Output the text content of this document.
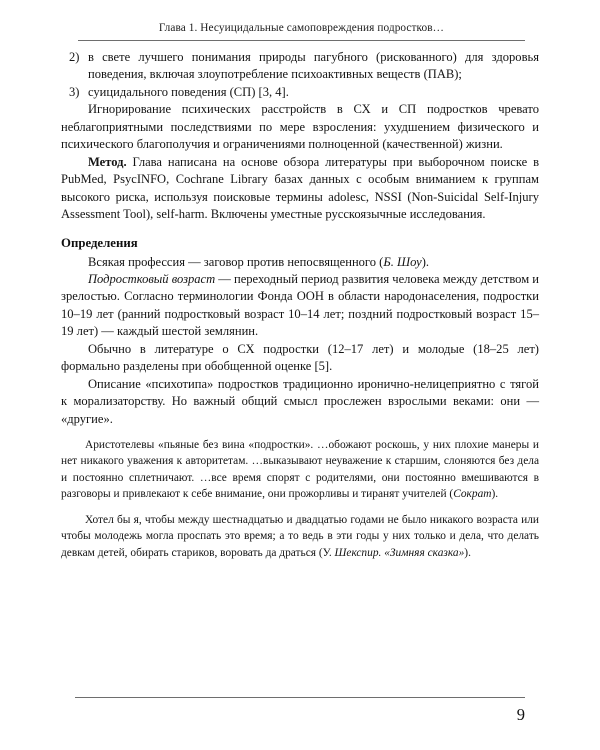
Глава 1. Несуицидальные самоповреждения подростков…

2) в свете лучшего понимания природы пагубного (рискованного) для здоровья поведения, включая злоупотребление психоактивных веществ (ПАВ);

3) суицидального поведения (СП) [3, 4].

Игнорирование психических расстройств в СХ и СП подростков чревато неблагоприятными последствиями по мере взросления: ухудшением физического и психического благополучия и ограничениями полноценной (качественной) жизни.

Метод. Глава написана на основе обзора литературы при выборочном поиске в PubMed, PsycINFO, Cochrane Library базах данных с особым вниманием к группам высокого риска, используя поисковые термины adolesc, NSSI (Non-Suicidal Self-Injury Assessment Tool), self-harm. Включены уместные русскоязычные исследования.

Определения

Всякая профессия — заговор против непосвященного (Б. Шоу).

Подростковый возраст — переходный период развития человека между детством и зрелостью. Согласно терминологии Фонда ООН в области народонаселения, подростки 10–19 лет (ранний подростковый возраст 10–14 лет; поздний подростковый возраст 15–19 лет) — каждый шестой землянин.

Обычно в литературе о СХ подростки (12–17 лет) и молодые (18–25 лет) формально разделены при обобщенной оценке [5].

Описание «психотипа» подростков традиционно иронично-нелицеприятно с тягой к морализаторству. Но важный общий смысл прослежен взрослыми веками: они — «другие».

Аристотелевы «пьяные без вина «подростки». …обожают роскошь, у них плохие манеры и нет никакого уважения к авторитетам. …выказывают неуважение к старшим, слоняются без дела и постоянно сплетничают. …все время спорят с родителями, они постоянно вмешиваются в разговоры и привлекают к себе внимание, они прожорливы и тиранят учителей (Сократ).

Хотел бы я, чтобы между шестнадцатью и двадцатью годами не было никакого возраста или чтобы молодежь могла проспать это время; а то ведь в эти годы у них только и дела, что делать девкам детей, обирать стариков, воровать да драться (У. Шекспир. «Зимняя сказка»).

9
